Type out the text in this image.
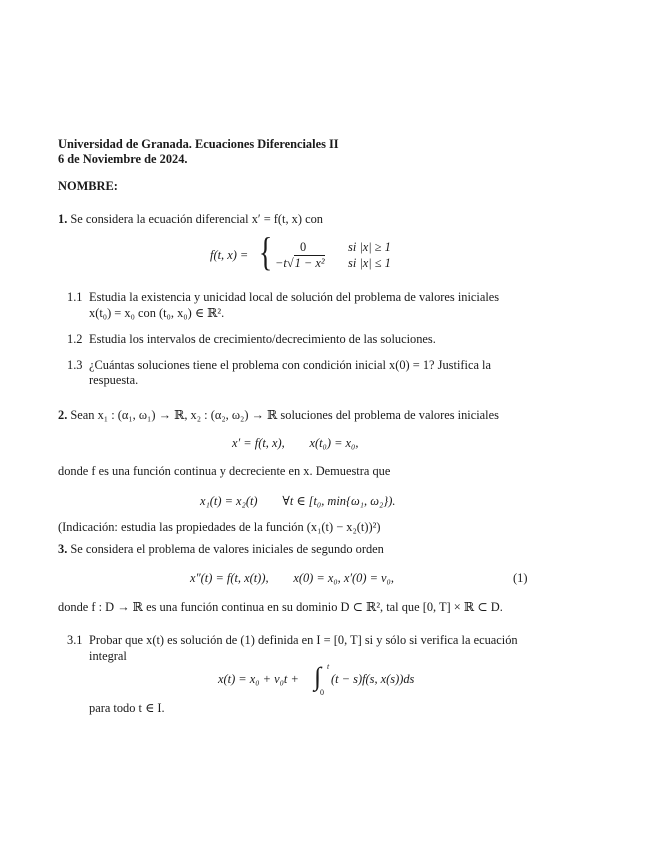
Universidad de Granada. Ecuaciones Diferenciales II
6 de Noviembre de 2024.
NOMBRE:
1. Se considera la ecuación diferencial x′ = f(t, x) con
f(t, x) = { 0	si |x| ≥ 1
−t√1 − x² si |x| ≤ 1
1.1 Estudia la existencia y unicidad local de solución del problema de valores iniciales
x(t₀) = x₀ con (t₀, x₀) ∈ ℝ².
1.2 Estudia los intervalos de crecimiento/decrecimiento de las soluciones.
1.3 ¿Cuántas soluciones tiene el problema con condición inicial x(0) = 1? Justifica la
respuesta.
2. Sean x₁ : (α₁, ω₁) → ℝ, x₂ : (α₂, ω₂) → ℝ soluciones del problema de valores iniciales
x′ = f(t, x),        x(t₀) = x₀,
donde f es una función continua y decreciente en x. Demuestra que
x₁(t) = x₂(t)        ∀t ∈ [t₀, min{ω₁, ω₂}).
(Indicación: estudia las propiedades de la función (x₁(t) − x₂(t))²)
3. Se considera el problema de valores iniciales de segundo orden
x″(t) = f(t, x(t)),        x(0) = x₀, x′(0) = v₀,	(1)
donde f : D → ℝ es una función continua en su dominio D ⊂ ℝ², tal que [0, T] × ℝ ⊂ D.
3.1 Probar que x(t) es solución de (1) definida en I = [0, T] si y sólo si verifica la ecuación
integral
x(t) = x₀ + v₀t + ∫ t
0
(t − s)f(s, x(s))ds
para todo t ∈ I.
